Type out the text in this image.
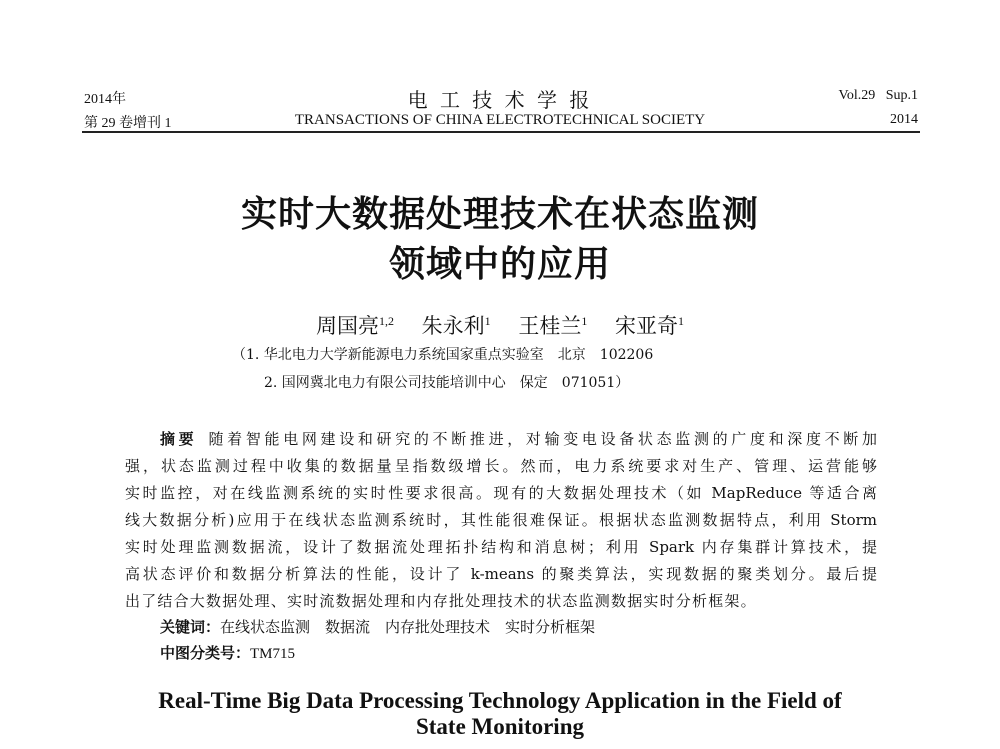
2014年
第 29 卷增刊 1
电 工 技 术 学 报
TRANSACTIONS OF CHINA ELECTROTECHNICAL SOCIETY
Vol.29   Sup.1
2014
实时大数据处理技术在状态监测
领域中的应用
周国亮$^{1,2}$  朱永利$^1$  王桂兰$^1$  宋亚奇$^1$
（1. 华北电力大学新能源电力系统国家重点实验室　北京　102206
2. 国网冀北电力有限公司技能培训中心　保定　071051）
摘要  随着智能电网建设和研究的不断推进，对输变电设备状态监测的广度和深度不断加
强，状态监测过程中收集的数据量呈指数级增长。然而，电力系统要求对生产、管理、运营能够
实时监控，对在线监测系统的实时性要求很高。现有的大数据处理技术（如 MapReduce 等适合离
线大数据分析)应用于在线状态监测系统时，其性能很难保证。根据状态监测数据特点，利用 Storm
实时处理监测数据流，设计了数据流处理拓扑结构和消息树；利用 Spark 内存集群计算技术，提
高状态评价和数据分析算法的性能，设计了 k-means 的聚类算法，实现数据的聚类划分。最后提
出了结合大数据处理、实时流数据处理和内存批处理技术的状态监测数据实时分析框架。
关键词：在线状态监测　数据流　内存批处理技术　实时分析框架
中图分类号：TM715
Real-Time Big Data Processing Technology Application in the Field of
State Monitoring
